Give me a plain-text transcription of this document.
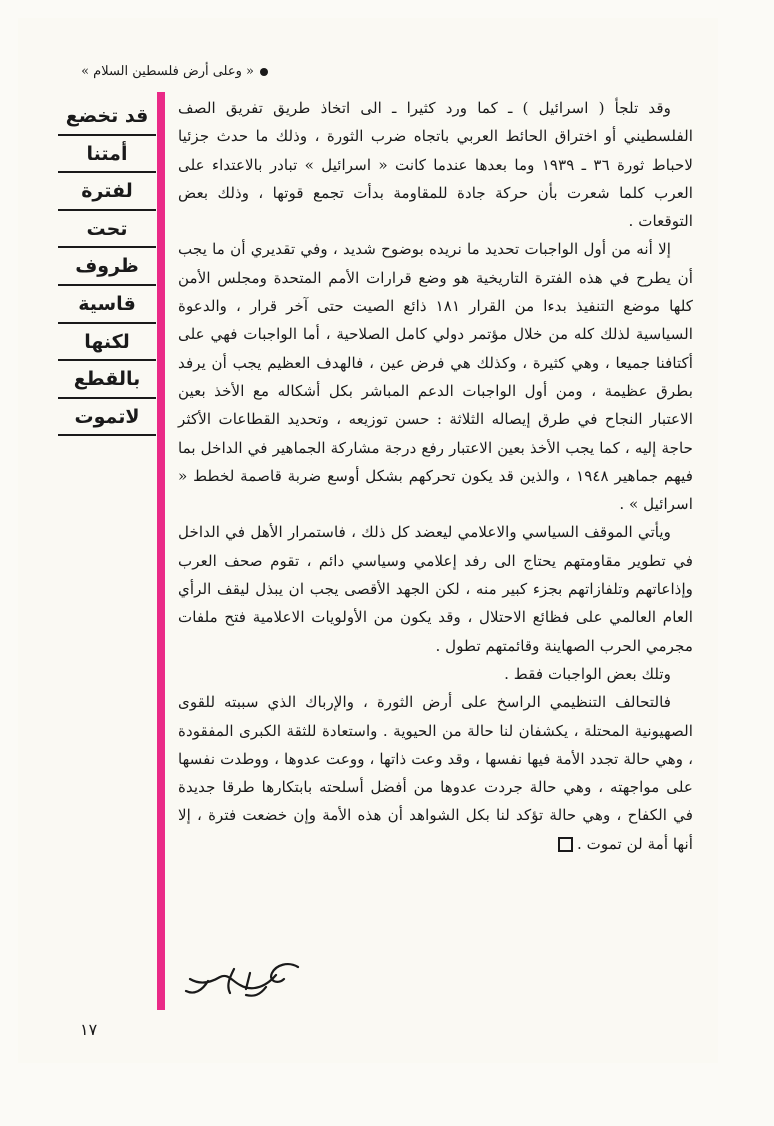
« وعلى أرض فلسطين السلام »
قد تخضع
أمتنا
لفترة
تحت
ظروف
قاسية
لكنها
بالقطع
لاتموت

وقد تلجأ ( اسرائيل ) ـ كما ورد كثيرا ـ الى اتخاذ طريق تفريق الصف الفلسطيني أو اختراق الحائط العربي باتجاه ضرب الثورة ، وذلك ما حدث جزئيا لاحباط ثورة ٣٦ ـ ١٩٣٩ وما بعدها عندما كانت « اسرائيل » تبادر بالاعتداء على العرب كلما شعرت بأن حركة جادة للمقاومة بدأت تجمع قوتها ، وذلك بعض التوقعات .

إلا أنه من أول الواجبات تحديد ما نريده بوضوح شديد ، وفي تقديري أن ما يجب أن يطرح في هذه الفترة التاريخية هو وضع قرارات الأمم المتحدة ومجلس الأمن كلها موضع التنفيذ بدءا من القرار ١٨١ ذائع الصيت حتى آخر قرار ، والدعوة السياسية لذلك كله من خلال مؤتمر دولي كامل الصلاحية ، أما الواجبات فهي على أكتافنا جميعا ، وهي كثيرة ، وكذلك هي فرض عين ، فالهدف العظيم يجب أن يرفد بطرق عظيمة ، ومن أول الواجبات الدعم المباشر بكل أشكاله مع الأخذ بعين الاعتبار النجاح في طرق إيصاله الثلاثة : حسن توزيعه ، وتحديد القطاعات الأكثر حاجة إليه ، كما يجب الأخذ بعين الاعتبار رفع درجة مشاركة الجماهير في الداخل بما فيهم جماهير ١٩٤٨ ، والذين قد يكون تحركهم بشكل أوسع ضربة قاصمة لخطط « اسرائيل » .

ويأتي الموقف السياسي والاعلامي ليعضد كل ذلك ، فاستمرار الأهل في الداخل في تطوير مقاومتهم يحتاج الى رفد إعلامي وسياسي دائم ، تقوم صحف العرب وإذاعاتهم وتلفازاتهم بجزء كبير منه ، لكن الجهد الأقصى يجب ان يبذل ليقف الرأي العام العالمي على فظائع الاحتلال ، وقد يكون من الأولويات الاعلامية فتح ملفات مجرمي الحرب الصهاينة وقائمتهم تطول .

وتلك بعض الواجبات فقط .

فالتحالف التنظيمي الراسخ على أرض الثورة ، والإرباك الذي سببته للقوى الصهيونية المحتلة ، يكشفان لنا حالة من الحيوية . واستعادة للثقة الكبرى المفقودة ، وهي حالة تجدد الأمة فيها نفسها ، وقد وعت ذاتها ، ووعت عدوها ، ووطدت نفسها على مواجهته ، وهي حالة جردت عدوها من أفضل أسلحته بابتكارها طرقا جديدة في الكفاح ، وهي حالة تؤكد لنا بكل الشواهد أن هذه الأمة وإن خضعت فترة ، إلا أنها أمة لن تموت .

١٧
